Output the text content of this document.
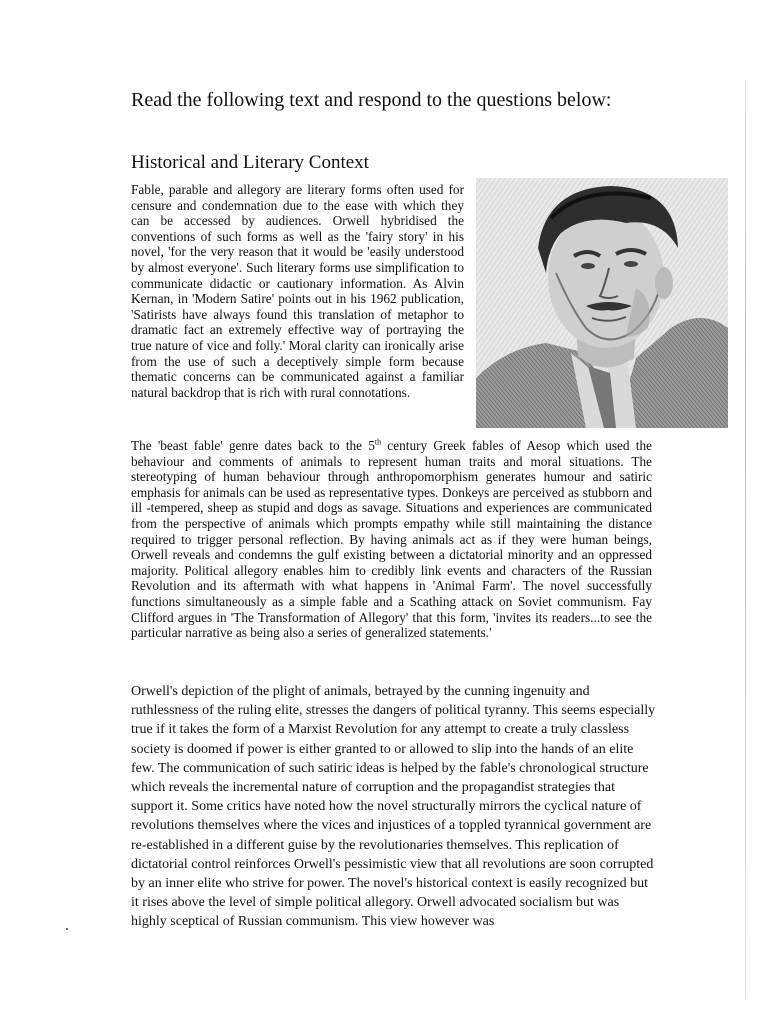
Read the following text and respond to the questions below:
Historical and Literary Context

Fable, parable and allegory are literary forms often used for censure and condemnation due to the ease with which they can be accessed by audiences. Orwell hybridised the conventions of such forms as well as the 'fairy story' in his novel, 'for the very reason that it would be 'easily understood by almost everyone'. Such literary forms use simplification to communicate didactic or cautionary information. As Alvin Kernan, in 'Modern Satire' points out in his 1962 publication, 'Satirists have always found this translation of metaphor to dramatic fact an extremely effective way of portraying the true nature of vice and folly.' Moral clarity can ironically arise from the use of such a deceptively simple form because thematic concerns can be communicated against a familiar natural backdrop that is rich with rural connotations.

The 'beast fable' genre dates back to the 5th century Greek fables of Aesop which used the behaviour and comments of animals to represent human traits and moral situations. The stereotyping of human behaviour through anthropomorphism generates humour and satiric emphasis for animals can be used as representative types. Donkeys are perceived as stubborn and ill -tempered, sheep as stupid and dogs as savage. Situations and experiences are communicated from the perspective of animals which prompts empathy while still maintaining the distance required to trigger personal reflection. By having animals act as if they were human beings, Orwell reveals and condemns the gulf existing between a dictatorial minority and an oppressed majority. Political allegory enables him to credibly link events and characters of the Russian Revolution and its aftermath with what happens in 'Animal Farm'. The novel successfully functions simultaneously as a simple fable and a Scathing attack on Soviet communism. Fay Clifford argues in 'The Transformation of Allegory' that this form, 'invites its readers...to see the particular narrative as being also a series of generalized statements.'

Orwell's depiction of the plight of animals, betrayed by the cunning ingenuity and ruthlessness of the ruling elite, stresses the dangers of political tyranny. This seems especially true if it takes the form of a Marxist Revolution for any attempt to create a truly classless society is doomed if power is either granted to or allowed to slip into the hands of an elite few. The communication of such satiric ideas is helped by the fable's chronological structure which reveals the incremental nature of corruption and the propagandist strategies that support it. Some critics have noted how the novel structurally mirrors the cyclical nature of revolutions themselves where the vices and injustices of a toppled tyrannical government are re-established in a different guise by the revolutionaries themselves. This replication of dictatorial control reinforces Orwell's pessimistic view that all revolutions are soon corrupted by an inner elite who strive for power. The novel's historical context is easily recognized but it rises above the level of simple political allegory. Orwell advocated socialism but was highly sceptical of Russian communism. This view however was
